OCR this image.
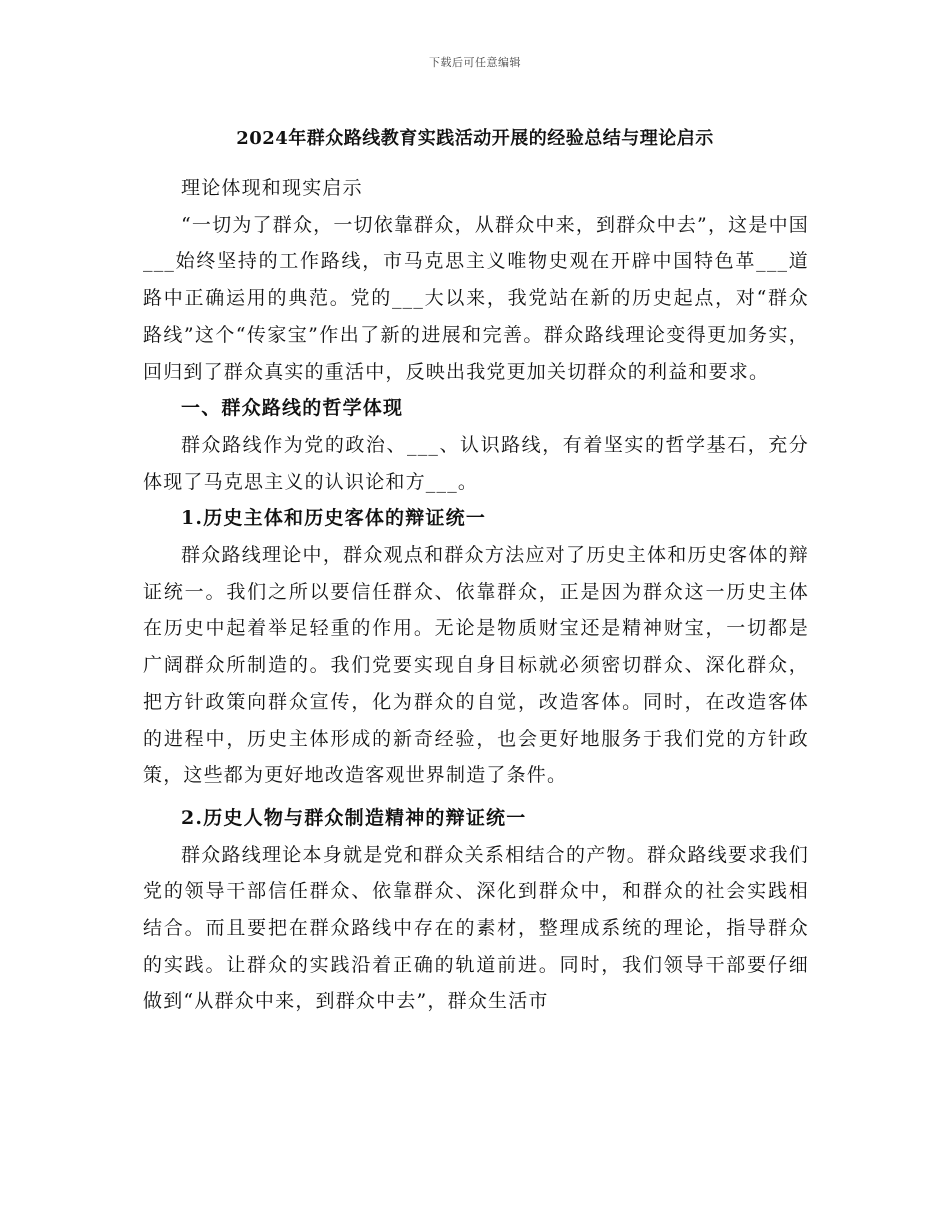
下载后可任意编辑
2024年群众路线教育实践活动开展的经验总结与理论启示

理论体现和现实启示

“一切为了群众，一切依靠群众，从群众中来，到群众中去”，这是中国___始终坚持的工作路线，市马克思主义唯物史观在开辟中国特色革___道路中正确运用的典范。党的___大以来，我党站在新的历史起点，对“群众路线”这个“传家宝”作出了新的进展和完善。群众路线理论变得更加务实，回归到了群众真实的重活中，反映出我党更加关切群众的利益和要求。

一、群众路线的哲学体现

群众路线作为党的政治、___、认识路线，有着坚实的哲学基石，充分体现了马克思主义的认识论和方___。

1.历史主体和历史客体的辩证统一

群众路线理论中，群众观点和群众方法应对了历史主体和历史客体的辩证统一。我们之所以要信任群众、依靠群众，正是因为群众这一历史主体在历史中起着举足轻重的作用。无论是物质财宝还是精神财宝，一切都是广阔群众所制造的。我们党要实现自身目标就必须密切群众、深化群众，把方针政策向群众宣传，化为群众的自觉，改造客体。同时，在改造客体的进程中，历史主体形成的新奇经验，也会更好地服务于我们党的方针政策，这些都为更好地改造客观世界制造了条件。

2.历史人物与群众制造精神的辩证统一

群众路线理论本身就是党和群众关系相结合的产物。群众路线要求我们党的领导干部信任群众、依靠群众、深化到群众中，和群众的社会实践相结合。而且要把在群众路线中存在的素材，整理成系统的理论，指导群众的实践。让群众的实践沿着正确的轨道前进。同时，我们领导干部要仔细做到“从群众中来，到群众中去”，群众生活市
